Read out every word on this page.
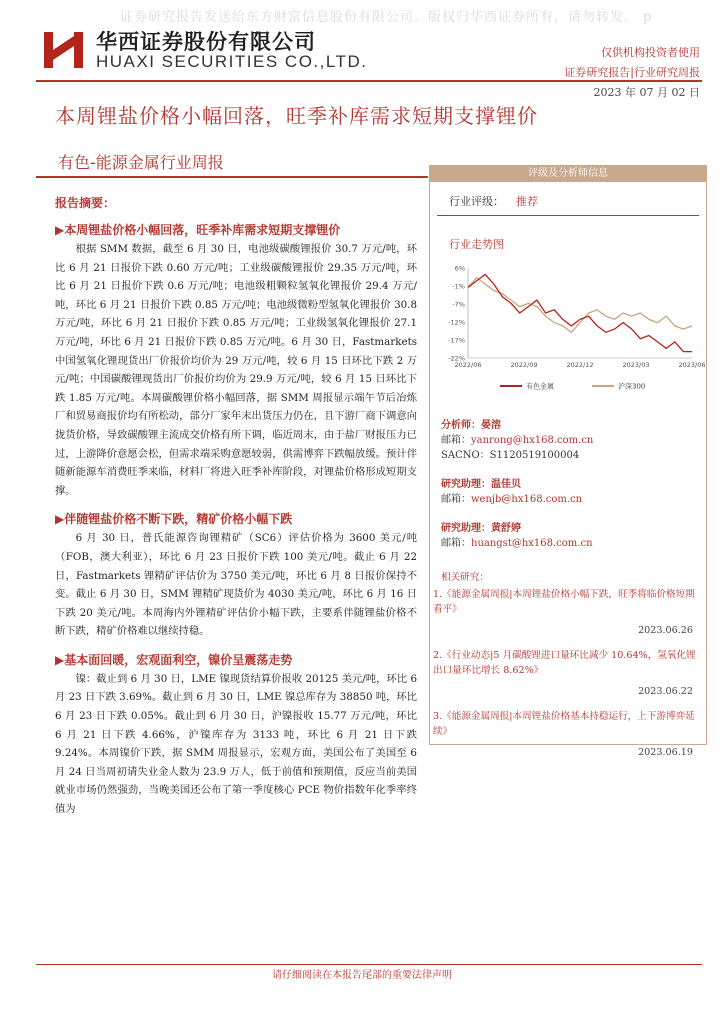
证券研究报告发送给东方财富信息股份有限公司。版权归华西证券所有，请勿转发。 p
华西证券股份有限公司
HUAXI SECURITIES CO.,LTD.	仅供机构投资者使用
证券研究报告|行业研究周报
2023 年 07 月 02 日
本周锂盐价格小幅回落，旺季补库需求短期支撑锂价
有色-能源金属行业周报
报告摘要：
▶本周锂盐价格小幅回落，旺季补库需求短期支撑锂价
根据 SMM 数据，截至 6 月 30 日，电池级碳酸锂报价 30.7 万元/吨，环比 6 月 21 日报价下跌 0.60 万元/吨；工业级碳酸锂报价 29.35 万元/吨，环比 6 月 21 日报价下跌 0.6 万元/吨；电池级粗颗粒氢氧化锂报价 29.4 万元/吨，环比 6 月 21 日报价下跌 0.85 万元/吨；电池级微粉型氢氧化锂报价 30.8 万元/吨，环比 6 月 21 日报价下跌 0.85 万元/吨；工业级氢氧化锂报价 27.1 万元/吨，环比 6 月 21 日报价下跌 0.85 万元/吨。6 月 30 日，Fastmarkets 中国氢氧化锂现货出厂价报价均价为 29 万元/吨，较 6 月 15 日环比下跌 2 万元/吨；中国碳酸锂现货出厂价报价均价为 29.9 万元/吨，较 6 月 15 日环比下跌 1.85 万元/吨。本周碳酸锂价格小幅回落，据 SMM 周报显示端午节后冶炼厂和贸易商报价均有所松动，部分厂家年末出货压力仍在，且下游厂商下调意向拢货价格，导致碳酸锂主流成交价格有所下调，临近周末，由于盐厂财报压力已过，上游降价意愿会松，但需求端采购意愿较弱，供需博弈下跌幅放缓。预计伴随新能源车消费旺季来临，材料厂将进入旺季补库阶段，对锂盐价格形成短期支撑。
▶伴随锂盐价格不断下跌，精矿价格小幅下跌
6 月 30 日，普氏能源咨询锂精矿（SC6）评估价格为 3600 美元/吨（FOB，澳大利亚），环比 6 月 23 日报价下跌 100 美元/吨。截止 6 月 22 日，Fastmarkets 锂精矿评估价为 3750 美元/吨，环比 6 月 8 日报价保持不变。截止 6 月 30 日，SMM 锂精矿现货价为 4030 美元/吨，环比 6 月 16 日下跌 20 美元/吨。本周海内外锂精矿评估价小幅下跌，主要系伴随锂盐价格不断下跌，精矿价格难以继续持稳。
▶基本面回暖，宏观面利空，镍价呈震荡走势
镍：截止到 6 月 30 日，LME 镍现货结算价报收 20125 美元/吨，环比 6 月 23 日下跌 3.69%。截止到 6 月 30 日，LME 镍总库存为 38850 吨，环比 6 月 23 日下跌 0.05%。截止到 6 月 30 日，沪镍报收 15.77 万元/吨，环比 6 月 21 日下跌 4.66%，沪镍库存为 3133 吨，环比 6 月 21 日下跌 9.24%。本周镍价下跌，据 SMM 周报显示，宏观方面，美国公布了美国至 6 月 24 日当周初请失业金人数为 23.9 万人，低于前值和预期值，反应当前美国就业市场仍然强劲，当晚美国还公布了第一季度核心 PCE 物价指数年化季率终值为
评级及分析师信息
行业评级： 推荐
行业走势图
6%
-1%
-7%
-12%
-17%
-22%
2022/06	2022/09	2022/12	2023/03	2023/06
有色金属	沪深300
分析师：晏溶
邮箱：yanrong@hx168.com.cn
SACNO：S1120519100004
研究助理：温佳贝
邮箱：wenjb@hx168.com.cn
研究助理：黄舒婷
邮箱：huangst@hx168.com.cn
相关研究：
1.《能源金属周报|本周锂盐价格小幅下跌，旺季将临价格短期看平》
2023.06.26
2.《行业动态|5 月碳酸锂进口量环比减少 10.64%，氢氧化锂出口量环比增长 8.62%》
2023.06.22
3.《能源金属周报|本周锂盐价格基本持稳运行，上下游博弈延续》
2023.06.19
请仔细阅读在本报告尾部的重要法律声明
